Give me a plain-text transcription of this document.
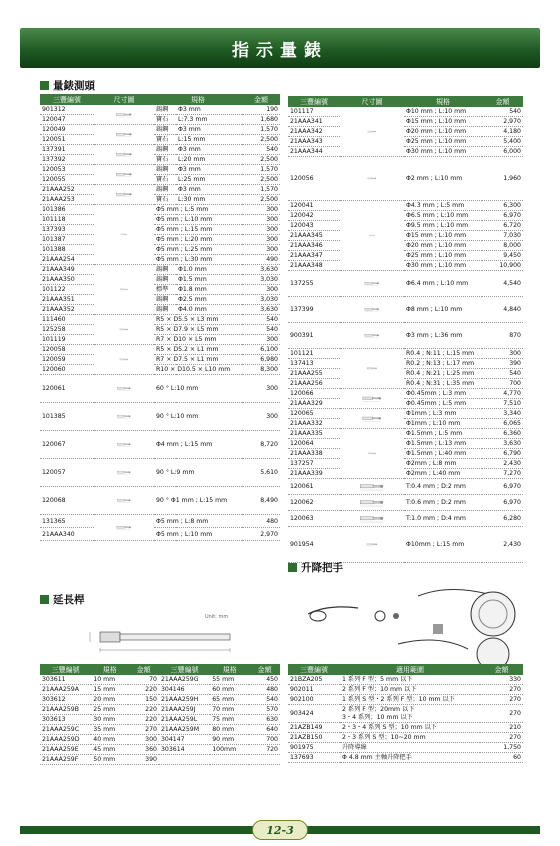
指示量錶
量錶測頭
三豐編號	尺寸圖	規格		金額
901312		鎢鋼	Φ3 mm	190
120047		寶石	L:7.3 mm	1,680
120049		鎢鋼	Φ3 mm	1,570
120051		寶石	L:15 mm	2,500
137391		鎢鋼	Φ3 mm	540
137392		寶石	L:20 mm	2,500
120053		鎢鋼	Φ3 mm	1,570
120055		寶石	L:25 mm	2,500
21AAA252		鎢鋼	Φ3 mm	1,570
21AAA253		寶石	L:30 mm	2,500
101386		Φ5 mm ; L:5 mm		300
101118		Φ5 mm ; L:10 mm		300
137393		Φ5 mm ; L:15 mm		300
101387		Φ5 mm ; L:20 mm		300
101388		Φ5 mm ; L:25 mm		300
21AAA254		Φ5 mm ; L:30 mm		490
21AAA349		鎢鋼	Φ1.0 mm	3,630
21AAA350		鎢鋼	Φ1.5 mm	3,030
101122		標準	Φ1.8 mm	300
21AAA351		鎢鋼	Φ2.5 mm	3,030
21AAA352		鎢鋼	Φ4.0 mm	3,630
111460		R5 × D5.5 × L3 mm		540
125258		R5 × D7.9 × L5 mm		540
101119		R7 × D10 × L5 mm		300
120058		R5 × D5.2 × L1 mm		6,100
120059		R7 × D7.5 × L1 mm		6,980
120060		R10 × D10.5 × L10 mm		8,300
120061		60 ° L:10 mm		300
101385		90 ° L:10 mm		300
120067		Φ4 mm ; L:15 mm		8,720
120057		90 ° L:9 mm		5,610
120068		90 ° Φ1 mm ; L:15 mm		8,490
131365		Φ5 mm ; L:8 mm		480
21AAA340		Φ5 mm ; L:10 mm		2,970
延長桿
Unit: mm
三豐編號	規格	金額	三豐編號	規格	金額
303611	10 mm	70	21AAA259G	55 mm	450
21AAA259A	15 mm	220	304146	60 mm	480
303612	20 mm	150	21AAA259H	65 mm	540
21AAA259B	25 mm	220	21AAA259J	70 mm	570
303613	30 mm	220	21AAA259L	75 mm	630
21AAA259C	35 mm	270	21AAA259M	80 mm	640
21AAA259D	40 mm	300	304147	90 mm	700
21AAA259E	45 mm	360	303614	100mm	720
21AAA259F	50 mm	390			
三豐編號	尺寸圖	規格	金額
101117		Φ10 mm ; L:10 mm	540
21AAA341		Φ15 mm ; L:10 mm	2,970
21AAA342		Φ20 mm ; L:10 mm	4,180
21AAA343		Φ25 mm ; L:10 mm	5,400
21AAA344		Φ30 mm ; L:10 mm	6,000
120056		Φ2 mm ; L:10 mm	1,960
120041		Φ4.3 mm ; L:5 mm	6,300
120042		Φ6.5 mm ; L:10 mm	6,970
120043		Φ9.5 mm ; L:10 mm	6,720
21AAA345		Φ15 mm ; L:10 mm	7,030
21AAA346		Φ20 mm ; L:10 mm	8,000
21AAA347		Φ25 mm ; L:10 mm	9,450
21AAA348		Φ30 mm ; L:10 mm	10,900
137255		Φ6.4 mm ; L:10 mm	4,540
137399		Φ8 mm ; L:10 mm	4,840
900391		Φ3 mm ; L:36 mm	870
101121		R0.4 ; N:11 ; L:15 mm	300
137413		R0.2 ; N:13 ; L:17 mm	390
21AAA255		R0.4 ; N:21 ; L:25 mm	540
21AAA256		R0.4 ; N:31 ; L:35 mm	700
120066		Φ0.45mm ; L:3 mm	4,770
21AAA329		Φ0.45mm ; L:5 mm	7,510
120065		Φ1mm ; L:3 mm	3,340
21AAA332		Φ1mm ; L:10 mm	6,065
21AAA335		Φ1.5mm ; L:5 mm	6,360
120064		Φ1.5mm ; L:13 mm	3,630
21AAA338		Φ1.5mm ; L:40 mm	6,790
137257		Φ2mm ; L:8 mm	2,430
21AAA339		Φ2mm ; L:40 mm	7,270
120061		T:0.4 mm ; D:2 mm	6,970
120062		T:0.6 mm ; D:2 mm	6,970
120063		T:1.0 mm ; D:4 mm	6,280
901954		Φ10mm ; L:15 mm	2,430
升降把手
三豐編號	適用範圍	金額
21BZA205	1 系列 F 型；5 mm 以下	330
902011	2 系列 F 型；10 mm 以下	270
902100	1 系列 S 型・2 系列 F 型；10 mm 以下	270
903424	2 系列 F 型；20mm 以下
3・4 系列；10 mm 以下	270
21AZB149	2・3・4 系列 S 型；10 mm 以下	210
21AZB150	2・3 系列 S 型；10~20 mm	270
901975	升降導線	1,750
137693	Φ 4.8 mm 主軸升降把手	60
12-3
